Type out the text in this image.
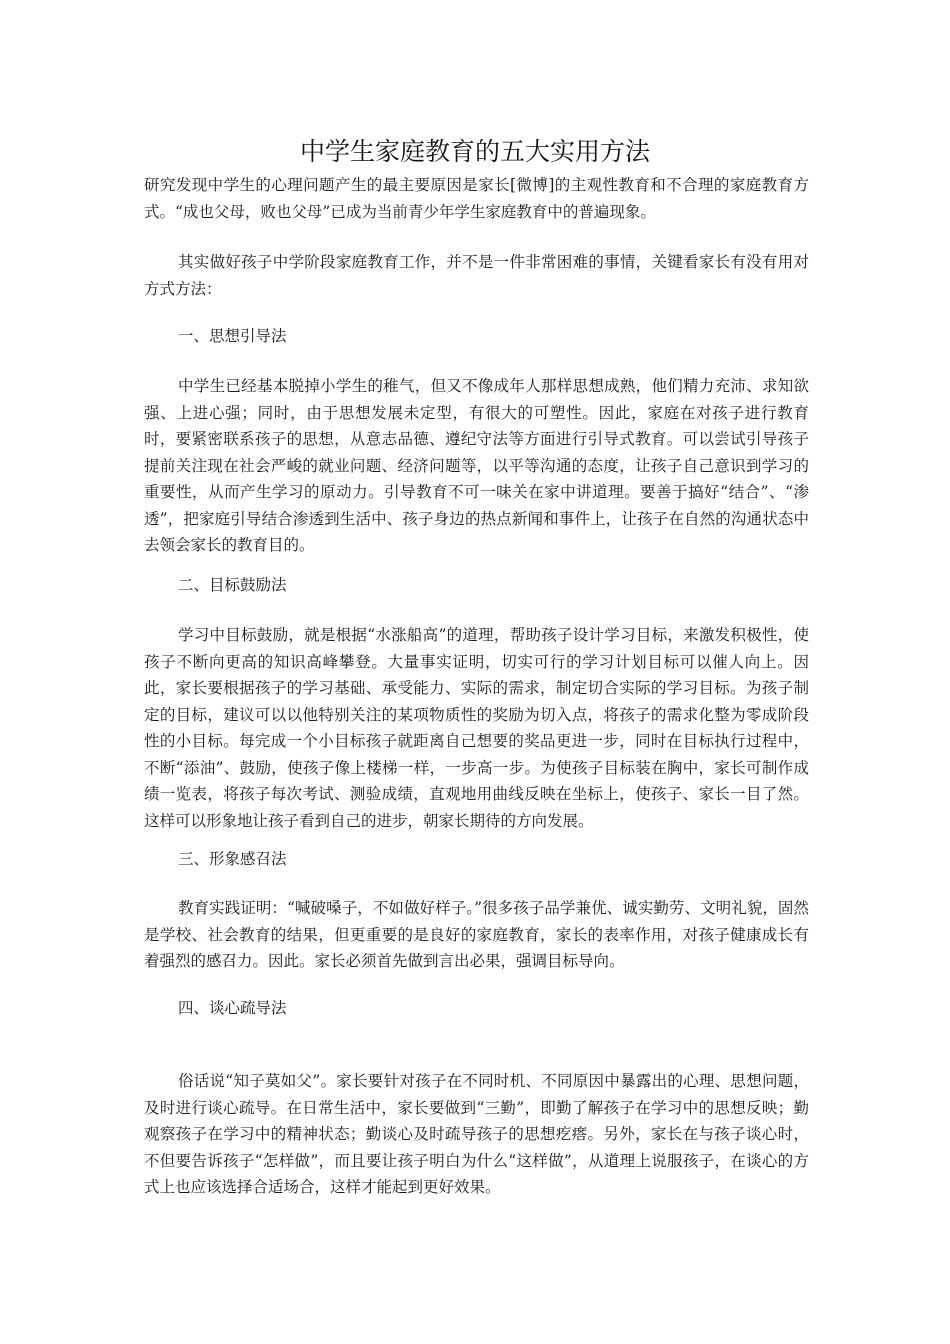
中学生家庭教育的五大实用方法

研究发现中学生的心理问题产生的最主要原因是家长[微博]的主观性教育和不合理的家庭教育方式。“成也父母，败也父母”已成为当前青少年学生家庭教育中的普遍现象。

其实做好孩子中学阶段家庭教育工作，并不是一件非常困难的事情，关键看家长有没有用对方式方法：

一、思想引导法

中学生已经基本脱掉小学生的稚气，但又不像成年人那样思想成熟，他们精力充沛、求知欲强、上进心强；同时，由于思想发展未定型，有很大的可塑性。因此，家庭在对孩子进行教育时，要紧密联系孩子的思想，从意志品德、遵纪守法等方面进行引导式教育。可以尝试引导孩子提前关注现在社会严峻的就业问题、经济问题等，以平等沟通的态度，让孩子自己意识到学习的重要性，从而产生学习的原动力。引导教育不可一味关在家中讲道理。要善于搞好“结合”、“渗透”，把家庭引导结合渗透到生活中、孩子身边的热点新闻和事件上，让孩子在自然的沟通状态中去领会家长的教育目的。

二、目标鼓励法

学习中目标鼓励，就是根据“水涨船高”的道理，帮助孩子设计学习目标，来激发积极性，使孩子不断向更高的知识高峰攀登。大量事实证明，切实可行的学习计划目标可以催人向上。因此，家长要根据孩子的学习基础、承受能力、实际的需求，制定切合实际的学习目标。为孩子制定的目标，建议可以以他特别关注的某项物质性的奖励为切入点，将孩子的需求化整为零成阶段性的小目标。每完成一个小目标孩子就距离自己想要的奖品更进一步，同时在目标执行过程中，不断“添油”、鼓励，使孩子像上楼梯一样，一步高一步。为使孩子目标装在胸中，家长可制作成绩一览表，将孩子每次考试、测验成绩，直观地用曲线反映在坐标上，使孩子、家长一目了然。这样可以形象地让孩子看到自己的进步，朝家长期待的方向发展。

三、形象感召法

教育实践证明：“喊破嗓子，不如做好样子。”很多孩子品学兼优、诚实勤劳、文明礼貌，固然是学校、社会教育的结果，但更重要的是良好的家庭教育，家长的表率作用，对孩子健康成长有着强烈的感召力。因此。家长必须首先做到言出必果，强调目标导向。

四、谈心疏导法

俗话说“知子莫如父”。家长要针对孩子在不同时机、不同原因中暴露出的心理、思想问题，及时进行谈心疏导。在日常生活中，家长要做到“三勤”，即勤了解孩子在学习中的思想反映；勤观察孩子在学习中的精神状态；勤谈心及时疏导孩子的思想疙瘩。另外，家长在与孩子谈心时，不但要告诉孩子“怎样做”，而且要让孩子明白为什么“这样做”，从道理上说服孩子，在谈心的方式上也应该选择合适场合，这样才能起到更好效果。
